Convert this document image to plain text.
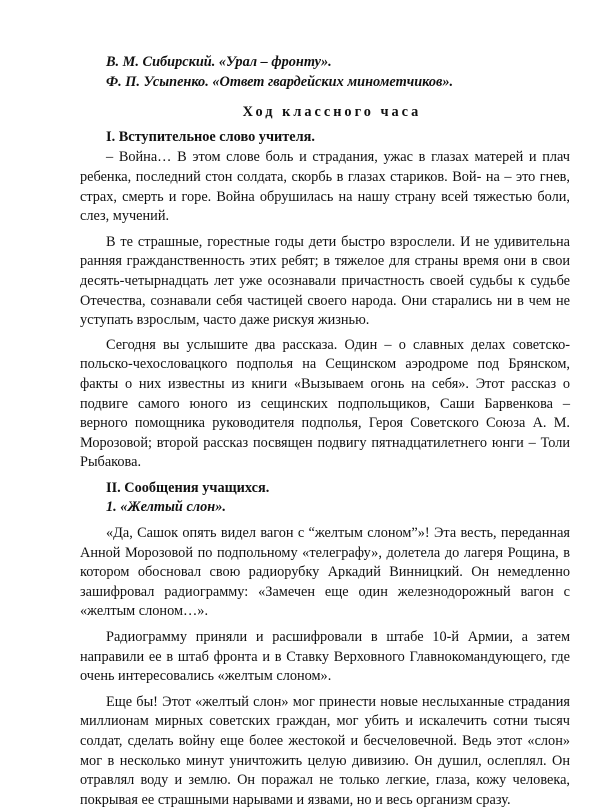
В. М. Сибирский. «Урал – фронту».

Ф. П. Усыпенко. «Ответ гвардейских минометчиков».

Ход классного часа

I. Вступительное слово учителя.

– Война… В этом слове боль и страдания, ужас в глазах матерей и плач ребенка, последний стон солдата, скорбь в глазах стариков. Вой- на – это гнев, страх, смерть и горе. Война обрушилась на нашу страну всей тяжестью боли, слез, мучений.

В те страшные, горестные годы дети быстро взрослели. И не удивительна ранняя гражданственность этих ребят; в тяжелое для страны время они в свои десять-четырнадцать лет уже осознавали причастность своей судьбы к судьбе Отечества, сознавали себя частицей своего народа. Они старались ни в чем не уступать взрослым, часто даже рискуя жизнью.

Сегодня вы услышите два рассказа. Один – о славных делах советско-польско-чехословацкого подполья на Сещинском аэродроме под Брянском, факты о них известны из книги «Вызываем огонь на себя». Этот рассказ о подвиге самого юного из сещинских подпольщиков, Саши Барвенкова – верного помощника руководителя подполья, Героя Советского Союза А. М. Морозовой; второй рассказ посвящен подвигу пятнадцатилетнего юнги – Толи Рыбакова.

II. Сообщения учащихся.

1. «Желтый слон».

«Да, Сашок опять видел вагон с “желтым слоном”»! Эта весть, переданная Анной Морозовой по подпольному «телеграфу», долетела до лагеря Рощина, в котором обосновал свою радиорубку Аркадий Винницкий. Он немедленно зашифровал радиограмму: «Замечен еще один железнодорожный вагон с «желтым слоном…».

Радиограмму приняли и расшифровали в штабе 10-й Армии, а затем направили ее в штаб фронта и в Ставку Верховного Главнокомандующего, где очень интересовались «желтым слоном».

Еще бы! Этот «желтый слон» мог принести новые неслыханные страдания миллионам мирных советских граждан, мог убить и искалечить сотни тысяч солдат, сделать войну еще более жестокой и бесчеловечной. Ведь этот «слон» мог в несколько минут уничтожить целую дивизию. Он душил, ослеплял. Он отравлял воду и землю. Он поражал не только легкие, глаза, кожу человека, покрывая ее страшными нарывами и язвами, но и весь организм сразу.
